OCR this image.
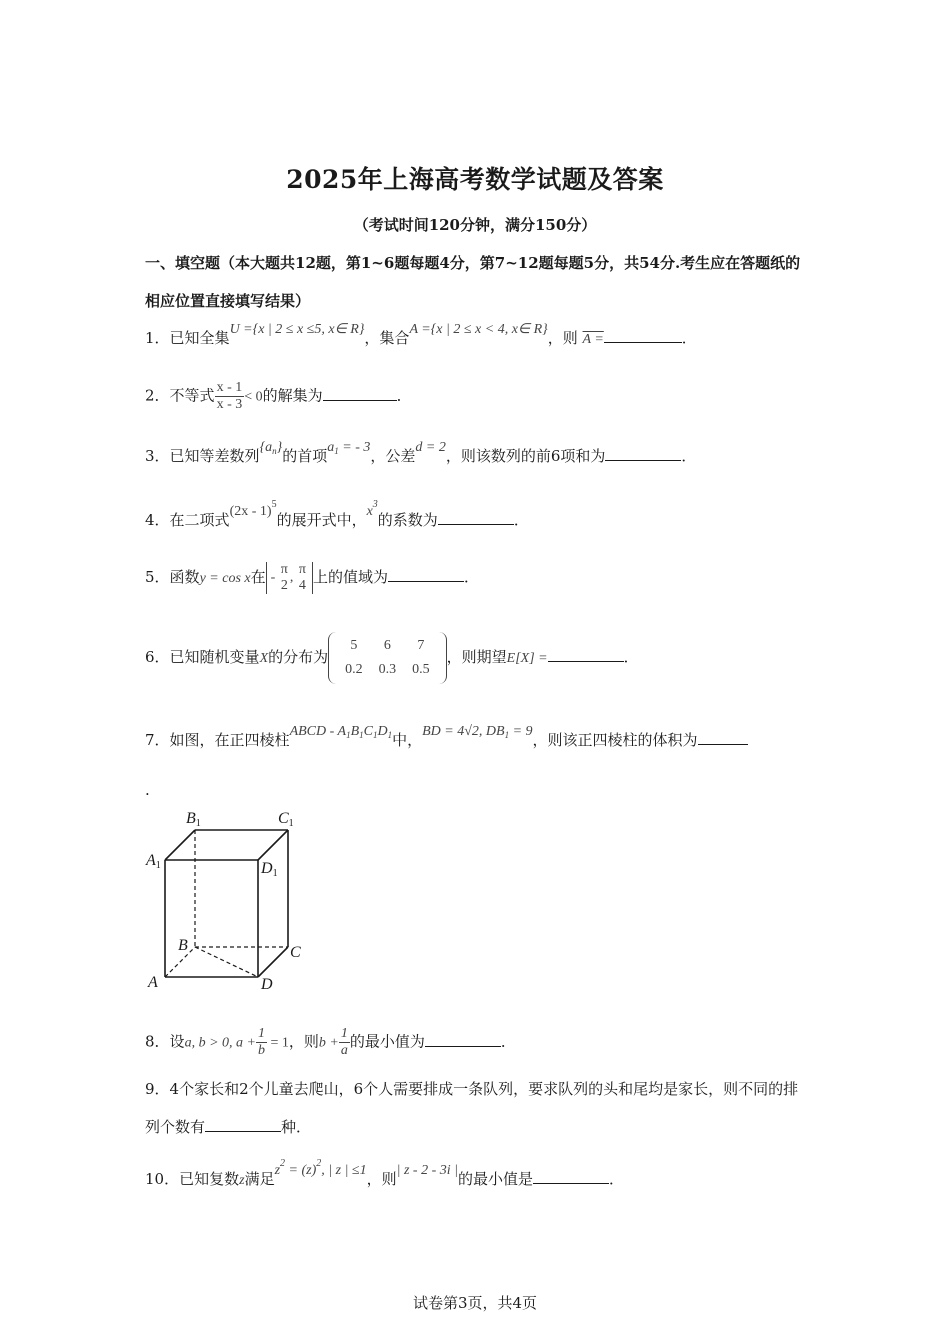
2025年上海高考数学试题及答案
（考试时间120分钟，满分150分）
一、填空题（本大题共12题，第1~6题每题4分，第7~12题每题5分，共54分.考生应在答题纸的相应位置直接填写结果）
1．已知全集U ={x | 2 ≤ x ≤5, x∈ R}，集合A ={x | 2 ≤ x < 4, x∈ R}，则 A =	．
2．不等式 $\frac{x - 1}{x - 3} < 0$的解集为	．
3．已知等差数列$\{a_n\}$的首项$a_1$ = - 3，公差d = 2，则该数列的前6项和为	．
4．在二项式(2x - 1)$^5$的展开式中，$x^3$的系数为	．
5．函数y = cos x在 -
π
2
,
π
4 上的值域为	．
6．已知随机变量X的分布为
5	6	7
0.2	0.3	0.5
，则期望E[X] =	．
7．如图，在正四棱柱ABCD - $A_1B_1C_1D_1$中，BD = 4√2, $DB_1 = 9$，则该正四棱柱的体积为
.
B1	C1
A1	D1
B	C
A	D
8．设a, b > 0, $a + \frac{1}{b} = 1$，则$b + \frac{1}{a}$ 的最小值为	．
9．4个家长和2个儿童去爬山，6个人需要排成一条队列，要求队列的头和尾均是家长，则不同的排列个数有	种．
10．已知复数z满足$z^2 = (z)^2$, | z | ≤1，则| z - 2 - 3i |的最小值是	．
试卷第3页，共4页
